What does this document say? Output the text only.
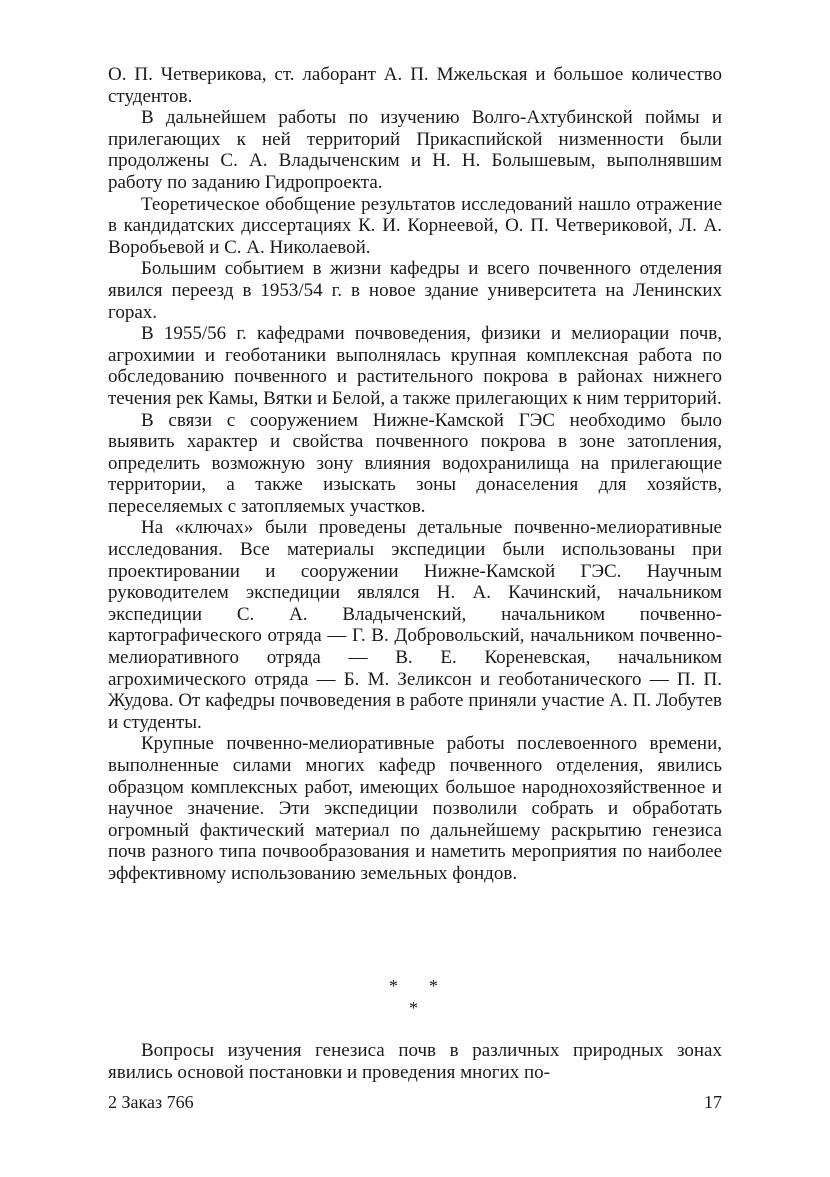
О. П. Четверикова, ст. лаборант А. П. Мжельская и большое количество студентов.

В дальнейшем работы по изучению Волго-Ахтубинской поймы и прилегающих к ней территорий Прикаспийской низменности были продолжены С. А. Владыченским и Н. Н. Болышевым, выполнявшим работу по заданию Гидропроекта.

Теоретическое обобщение результатов исследований нашло отражение в кандидатских диссертациях К. И. Корнеевой, О. П. Четвериковой, Л. А. Воробьевой и С. А. Николаевой.

Большим событием в жизни кафедры и всего почвенного отделения явился переезд в 1953/54 г. в новое здание университета на Ленинских горах.

В 1955/56 г. кафедрами почвоведения, физики и мелиорации почв, агрохимии и геоботаники выполнялась крупная комплексная работа по обследованию почвенного и растительного покрова в районах нижнего течения рек Камы, Вятки и Белой, а также прилегающих к ним территорий.

В связи с сооружением Нижне-Камской ГЭС необходимо было выявить характер и свойства почвенного покрова в зоне затопления, определить возможную зону влияния водохранилища на прилегающие территории, а также изыскать зоны донаселения для хозяйств, переселяемых с затопляемых участков.

На «ключах» были проведены детальные почвенно-мелиоративные исследования. Все материалы экспедиции были использованы при проектировании и сооружении Нижне-Камской ГЭС. Научным руководителем экспедиции являлся Н. А. Качинский, начальником экспедиции С. А. Владыченский, начальником почвенно-картографического отряда — Г. В. Добровольский, начальником почвенно-мелиоративного отряда — В. Е. Кореневская, начальником агрохимического отряда — Б. М. Зеликсон и геоботанического — П. П. Жудова. От кафедры почвоведения в работе приняли участие А. П. Лобутев и студенты.

Крупные почвенно-мелиоративные работы послевоенного времени, выполненные силами многих кафедр почвенного отделения, явились образцом комплексных работ, имеющих большое народнохозяйственное и научное значение. Эти экспедиции позволили собрать и обработать огромный фактический материал по дальнейшему раскрытию генезиса почв разного типа почвообразования и наметить мероприятия по наиболее эффективному использованию земельных фондов.

* *
*

Вопросы изучения генезиса почв в различных природных зонах явились основой постановки и проведения многих по-

2 Заказ 766	17
